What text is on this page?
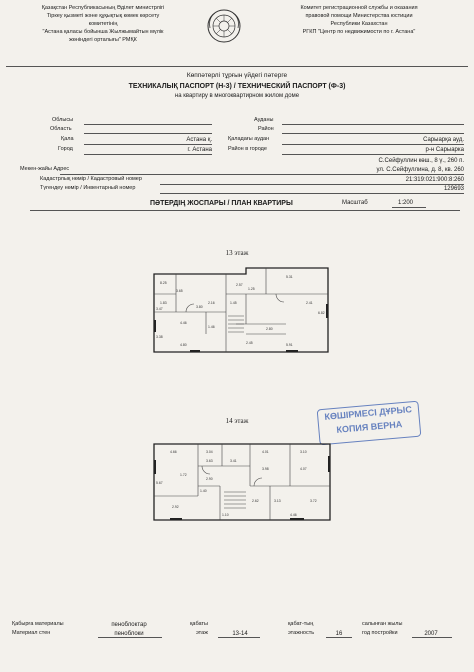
Қазақстан Республикасының Әділет министрлігі
Тіркеу қызметі және құқықтық көмек көрсету
комитетінің
"Астана қаласы бойынша Жылжымайтын мүлік
жөніндегі орталығы" РМҚК
Комитет регистрационной службы и оказания
правовой помощи Министерства юстиции
Республики Казахстан
РГКП "Центр по недвижимости по г. Астана"
Көппәтерлі тұрғын үйдегі пәтерге
ТЕХНИКАЛЫҚ ПАСПОРТ (Н-3) / ТЕХНИЧЕСКИЙ ПАСПОРТ (Ф-3)
на квартиру в многоквартирном жилом доме
Облысы
Область
Ауданы
Район
Қала	Астана қ.
Город	г. Астана
Қаладағы аудан	Сарыарқа ауд.
Район в городе	р-н Сарыарка
С.Сейфуллин көш., 8 ү., 260 п.
Мекен-жайы Адрес	ул. С.Сейфуллина, д. 8, кв. 260
Кадастрлық нөмір / Кадастровый номер	21:319:021:900:8:260
Түгендеу нөмір / Инвентарный номер	129693
ПӘТЕРДІҢ ЖОСПАРЫ / ПЛАН КВАРТИРЫ	Масштаб	1:200
13 этаж
5.31
8.25
3.65	1.25
3.80
4.46
4.80
3.47
3.38
2.45	5.91
6.82
1.46	2.80
2.57
2.41
2.16
1.83	1.45
КӨШІРМЕСІ ДҰРЫС
КОПИЯ ВЕРНА
14 этаж
4.66	3.04	4.01	3.10
3.98	4.07
5.67
3.63	3.41
2.90
1.40
2.92
3.13
4.46
2.62	3.72
1.10
1.72
Қабырға материалы
Материал стен
пеноблоктар
пеноблоки
қабаты
этаж	13-14
қабат-тың
этажность	16
салынған жылы
год постройки	2007
